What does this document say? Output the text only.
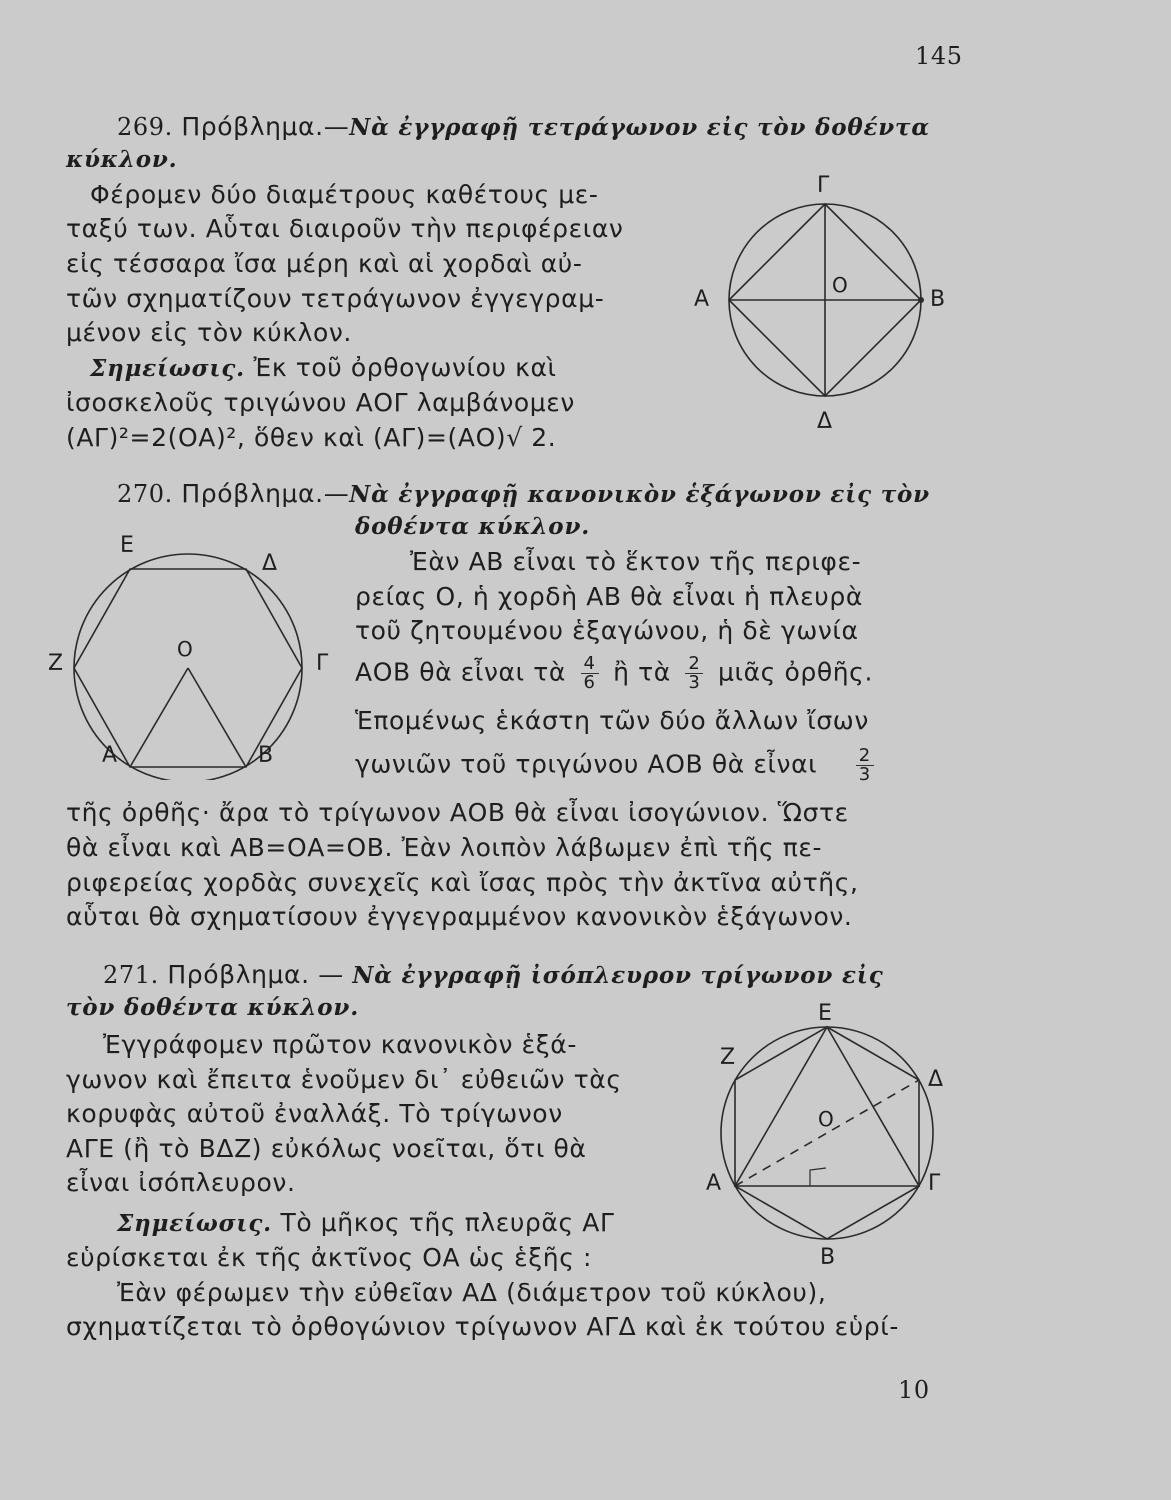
145
269. Πρόβλημα.—Νὰ ἐγγραφῇ τετράγωνον εἰς τὸν δοθέντα
κύκλον.
Φέρομεν δύο διαμέτρους καθέτους με-
ταξύ των. Αὗται διαιροῦν τὴν περιφέρειαν
εἰς τέσσαρα ἴσα μέρη καὶ αἱ χορδαὶ αὐ-
τῶν σχηματίζουν τετράγωνον ἐγγεγραμ-
μένον εἰς τὸν κύκλον.
Σημείωσις. Ἐκ τοῦ ὀρθογωνίου καὶ
ἰσοσκελοῦς τριγώνου ΑΟΓ λαμβάνομεν
(ΑΓ)²=2(ΟΑ)², ὅθεν καὶ (ΑΓ)=(ΑΟ)√ 2.
Γ
Α	Β
Δ
Ο
270. Πρόβλημα.—Νὰ ἐγγραφῇ κανονικὸν ἑξάγωνον εἰς τὸν
δοθέντα κύκλον.
Ἐὰν ΑΒ εἶναι τὸ ἕκτον τῆς περιφε-
ρείας Ο, ἡ χορδὴ ΑΒ θὰ εἶναι ἡ πλευρὰ
τοῦ ζητουμένου ἑξαγώνου, ἡ δὲ γωνία
ΑΟΒ θὰ εἶναι τὰ $\frac{4}{6}$ ἢ τὰ $\frac{2}{3}$ μιᾶς ὀρθῆς.
Ἑπομένως ἑκάστη τῶν δύο ἄλλων ἴσων
γωνιῶν τοῦ τριγώνου ΑΟΒ θὰ εἶναι $\frac{2}{3}$
τῆς ὀρθῆς· ἄρα τὸ τρίγωνον ΑΟΒ θὰ εἶναι ἰσογώνιον. Ὥστε
θὰ εἶναι καὶ ΑΒ=ΟΑ=ΟΒ. Ἐὰν λοιπὸν λάβωμεν ἐπὶ τῆς πε-
ριφερείας χορδὰς συνεχεῖς καὶ ἴσας πρὸς τὴν ἀκτῖνα αὐτῆς,
αὗται θὰ σχηματίσουν ἐγγεγραμμένον κανονικὸν ἑξάγωνον.
Ε
Δ
Ζ	Γ
Ο
Α	Β
271. Πρόβλημα. — Νὰ ἐγγραφῇ ἰσόπλευρον τρίγωνον εἰς
τὸν δοθέντα κύκλον.
Ἐγγράφομεν πρῶτον κανονικὸν ἑξά-
γωνον καὶ ἔπειτα ἑνοῦμεν δι᾽ εὐθειῶν τὰς
κορυφὰς αὐτοῦ ἐναλλάξ. Τὸ τρίγωνον
ΑΓΕ (ἢ τὸ ΒΔΖ) εὐκόλως νοεῖται, ὅτι θὰ
εἶναι ἰσόπλευρον.
Σημείωσις. Τὸ μῆκος τῆς πλευρᾶς ΑΓ
εὑρίσκεται ἐκ τῆς ἀκτῖνος ΟΑ ὡς ἑξῆς :
Ἐὰν φέρωμεν τὴν εὐθεῖαν ΑΔ (διάμετρον τοῦ κύκλου),
σχηματίζεται τὸ ὀρθογώνιον τρίγωνον ΑΓΔ καὶ ἐκ τούτου εὑρί-
Ε
Ζ
Δ
Ο
Α	Γ
Β
10
